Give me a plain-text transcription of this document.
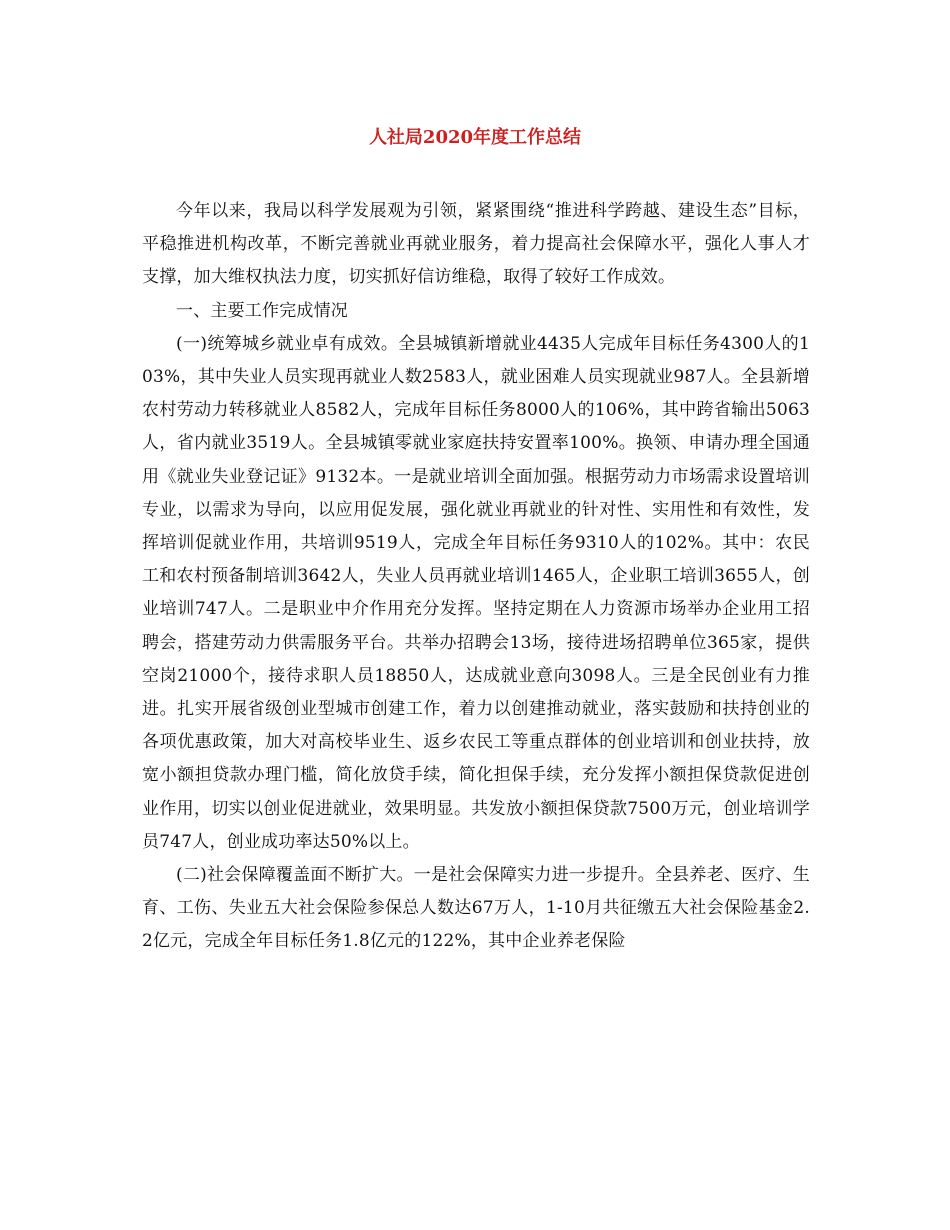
人社局2020年度工作总结

今年以来，我局以科学发展观为引领，紧紧围绕“推进科学跨越、建设生态”目标，平稳推进机构改革，不断完善就业再就业服务，着力提高社会保障水平，强化人事人才支撑，加大维权执法力度，切实抓好信访维稳，取得了较好工作成效。

一、主要工作完成情况

(一)统筹城乡就业卓有成效。全县城镇新增就业4435人完成年目标任务4300人的103%，其中失业人员实现再就业人数2583人，就业困难人员实现就业987人。全县新增农村劳动力转移就业人8582人，完成年目标任务8000人的106%，其中跨省输出5063人，省内就业3519人。全县城镇零就业家庭扶持安置率100%。换领、申请办理全国通用《就业失业登记证》9132本。一是就业培训全面加强。根据劳动力市场需求设置培训专业，以需求为导向，以应用促发展，强化就业再就业的针对性、实用性和有效性，发挥培训促就业作用，共培训9519人，完成全年目标任务9310人的102%。其中：农民工和农村预备制培训3642人，失业人员再就业培训1465人，企业职工培训3655人，创业培训747人。二是职业中介作用充分发挥。坚持定期在人力资源市场举办企业用工招聘会，搭建劳动力供需服务平台。共举办招聘会13场，接待进场招聘单位365家，提供空岗21000个，接待求职人员18850人，达成就业意向3098人。三是全民创业有力推进。扎实开展省级创业型城市创建工作，着力以创建推动就业，落实鼓励和扶持创业的各项优惠政策，加大对高校毕业生、返乡农民工等重点群体的创业培训和创业扶持，放宽小额担贷款办理门槛，简化放贷手续，简化担保手续，充分发挥小额担保贷款促进创业作用，切实以创业促进就业，效果明显。共发放小额担保贷款7500万元，创业培训学员747人，创业成功率达50%以上。

(二)社会保障覆盖面不断扩大。一是社会保障实力进一步提升。全县养老、医疗、生育、工伤、失业五大社会保险参保总人数达67万人，1-10月共征缴五大社会保险基金2.2亿元，完成全年目标任务1.8亿元的122%，其中企业养老保险
